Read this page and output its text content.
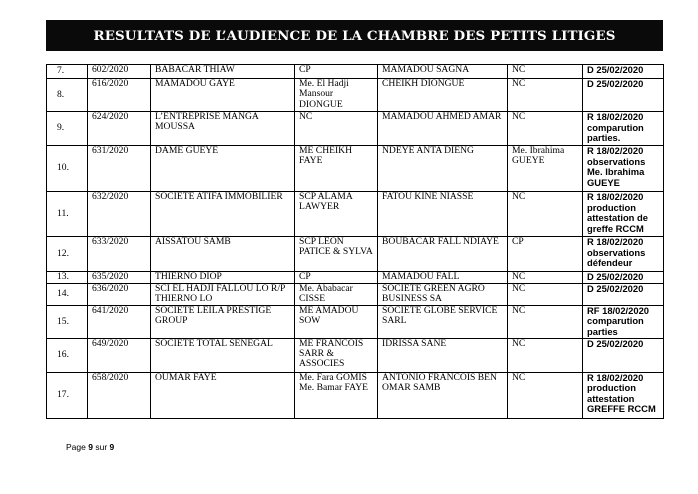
RESULTATS DE L’AUDIENCE DE LA CHAMBRE DES PETITS LITIGES
7.	602/2020	BABACAR THIAW	CP	MAMADOU SAGNA	NC	D 25/02/2020
8.	616/2020	MAMADOU GAYE	Me. El Hadji Mansour DIONGUE	CHEIKH DIONGUE	NC	D 25/02/2020
9.	624/2020	L’ENTREPRISE MANGA MOUSSA	NC	MAMADOU AHMED AMAR	NC	R 18/02/2020 comparution parties.
10.	631/2020	DAME GUEYE	ME CHEIKH FAYE	NDEYE ANTA DIENG	Me. Ibrahima GUEYE	R 18/02/2020 observations Me. Ibrahima GUEYE
11.	632/2020	SOCIETE ATIFA IMMOBILIER	SCP ALAMA LAWYER	FATOU KINE NIASSE	NC	R 18/02/2020 production attestation de greffe RCCM
12.	633/2020	AISSATOU SAMB	SCP LEON PATICE & SYLVA	BOUBACAR FALL NDIAYE	CP	R 18/02/2020 observations défendeur
13.	635/2020	THIERNO DIOP	CP	MAMADOU FALL	NC	D 25/02/2020
14.	636/2020	SCI EL HADJI FALLOU LO R/P THIERNO LO	Me. Ababacar CISSE	SOCIETE GREEN AGRO BUSINESS SA	NC	D 25/02/2020
15.	641/2020	SOCIETE LEILA PRESTIGE GROUP	ME AMADOU SOW	SOCIETE GLOBE SERVICE SARL	NC	RF 18/02/2020 comparution parties
16.	649/2020	SOCIETE TOTAL SENEGAL	ME FRANCOIS SARR & ASSOCIES	IDRISSA SANE	NC	D 25/02/2020
17.	658/2020	OUMAR FAYE	Me. Fara GOMIS Me. Bamar FAYE	ANTONIO FRANCOIS BEN OMAR SAMB	NC	R 18/02/2020 production attestation GREFFE RCCM
Page 9 sur 9
